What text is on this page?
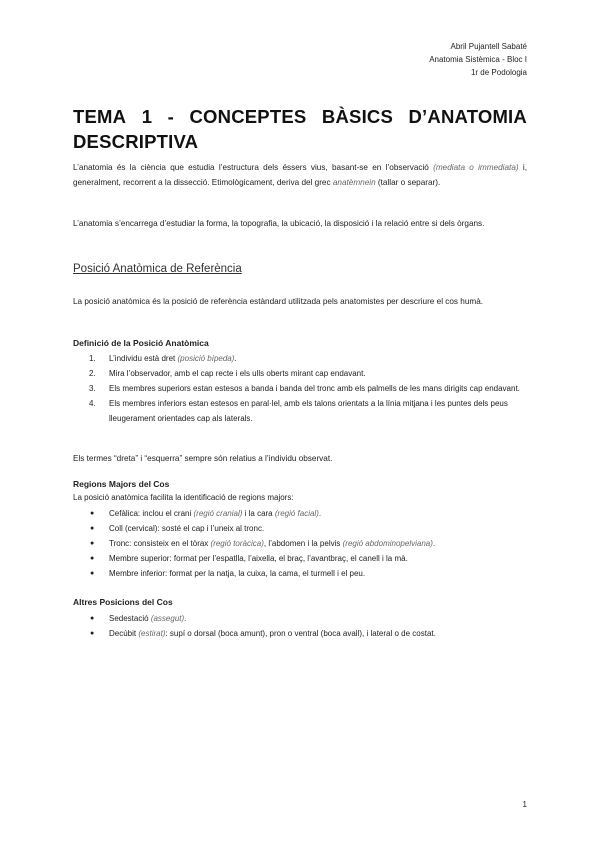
Abril Pujantell Sabaté
Anatomia Sistèmica - Bloc I
1r de Podologia
TEMA 1 - CONCEPTES BÀSICS D’ANATOMIA
DESCRIPTIVA
L’anatomia és la ciència que estudia l’estructura dels éssers vius, basant-se en l’observació (mediata o immediata) i, generalment, recorrent a la dissecció. Etimològicament, deriva del grec anatèmnein (tallar o separar).
L’anatomia s’encarrega d’estudiar la forma, la topografia, la ubicació, la disposició i la relació entre si dels òrgans.
Posició Anatòmica de Referència
La posició anatòmica és la posició de referència estàndard utilitzada pels anatomistes per descriure el cos humà.
Definició de la Posició Anatòmica
1. L’individu està dret (posició bípeda).
2. Mira l’observador, amb el cap recte i els ulls oberts mirant cap endavant.
3. Els membres superiors estan estesos a banda i banda del tronc amb els palmells de les mans dirigits cap endavant.
4. Els membres inferiors estan estesos en paral·lel, amb els talons orientats a la línia mitjana i les puntes dels peus lleugerament orientades cap als laterals.
Els termes “dreta” i “esquerra” sempre són relatius a l’individu observat.
Regions Majors del Cos
La posició anatòmica facilita la identificació de regions majors:
● Cefàlica: inclou el crani (regió cranial) i la cara (regió facial).
● Coll (cervical): sosté el cap i l’uneix al tronc.
● Tronc: consisteix en el tòrax (regió toràcica), l’abdomen i la pelvis (regió abdominopelviana).
● Membre superior: format per l’espatlla, l’aixella, el braç, l’avantbraç, el canell i la mà.
● Membre inferior: format per la natja, la cuixa, la cama, el turmell i el peu.
Altres Posicions del Cos
● Sedestació (assegut).
● Decúbit (estirat): supí o dorsal (boca amunt), pron o ventral (boca avall), i lateral o de costat.
1
